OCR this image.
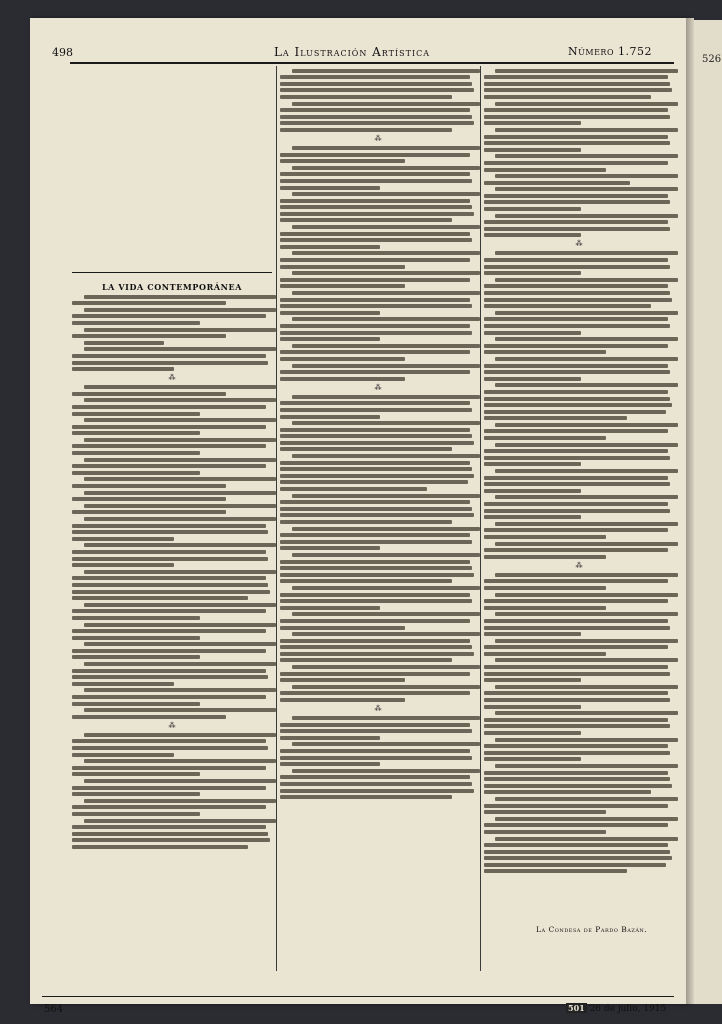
526
498	La Ilustración Artística	Número 1.752
LA VIDA CONTEMPORÁNEA
⁂
⁂
⁂
⁂
⁂
⁂
⁂
La Condesa de Pardo Bazán.
564	501 26 de julio, 1915
